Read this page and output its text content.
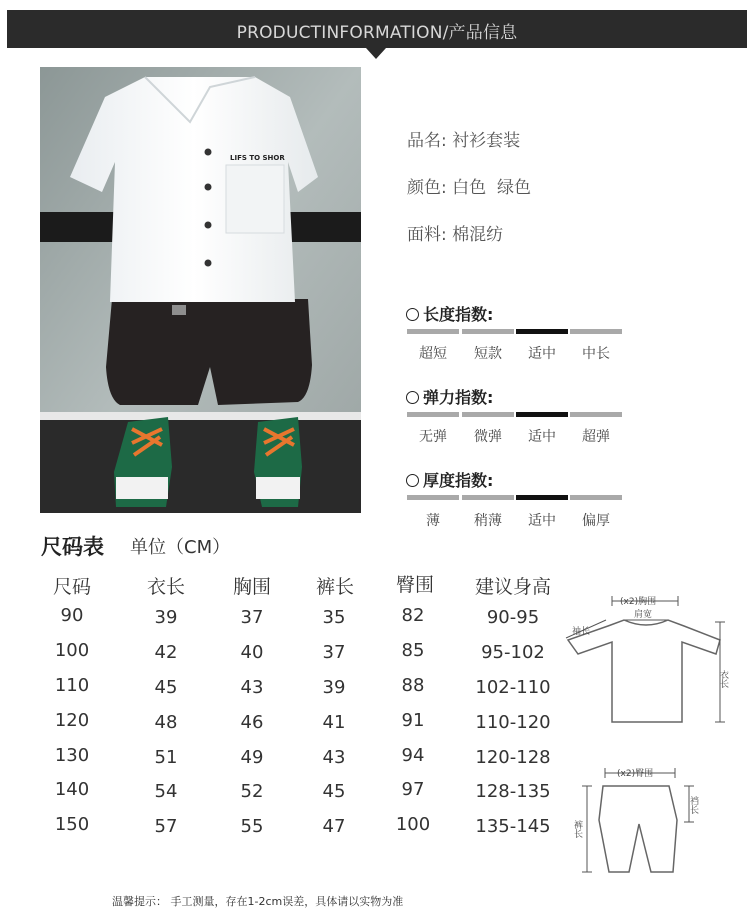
PRODUCTINFORMATION/产品信息
LIFS TO SHOR
品名: 衬衫套装
颜色: 白色  绿色
面料: 棉混纺
长度指数:
超短	短款	适中	中长
弹力指数:
无弹	微弹	适中	超弹
厚度指数:
薄	稍薄	适中	偏厚
尺码表 单位（CM）
尺码	衣长	胸围 裤长 臀围 建议身高
90	39	37	35	82	90-95
100	42	40	37	85	95-102
110	45	43	39	88	102-110
120	48	46	41	91	110-120
130	51	49	43	94	120-128
140	54	52	45	97	128-135
150	57	55	47	100	135-145
(x2)胸围
肩宽
袖长
衣长
(x2)臀围
裤长
裆长
温馨提示： 手工测量，存在1-2cm误差，具体请以实物为准
